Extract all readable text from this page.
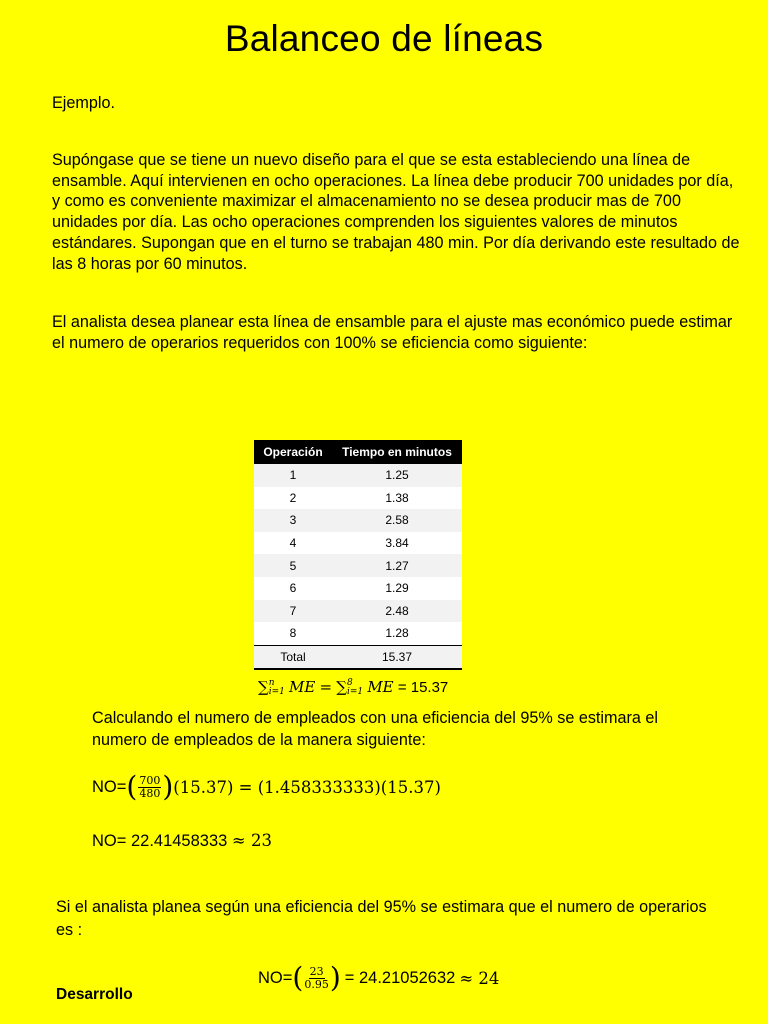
Balanceo de líneas
Ejemplo.
Supóngase que se tiene un nuevo diseño para el que se esta estableciendo una línea de ensamble. Aquí intervienen en ocho operaciones. La línea debe producir 700 unidades por día, y como es conveniente maximizar el almacenamiento no se desea producir mas de 700 unidades por día. Las ocho operaciones comprenden los siguientes valores de minutos estándares. Supongan que en el turno se trabajan 480 min. Por día derivando este resultado de las 8 horas por 60 minutos.
El analista desea planear esta línea de ensamble para el ajuste mas económico puede estimar el numero de operarios requeridos con 100% se eficiencia como siguiente:
Operación	Tiempo en minutos
1	1.25
2	1.38
3	2.58
4	3.84
5	1.27
6	1.29
7	2.48
8	1.28
Total	15.37
∑ n
i=1 ME = ∑ 8
i=1 ME = 15.37
Calculando el numero de empleados con una eficiencia del 95% se estimara el numero de empleados de la manera siguiente:
NO= ( $\frac{700}{480}$ ) (15.37) = (1.458333333)(15.37)
NO= 22.41458333 ≈ 23
Si el analista planea según una eficiencia del 95% se estimara que el numero de operarios es :
NO= ( $\frac{23}{0.95}$ ) = 24.21052632 ≈ 24
Desarrollo
